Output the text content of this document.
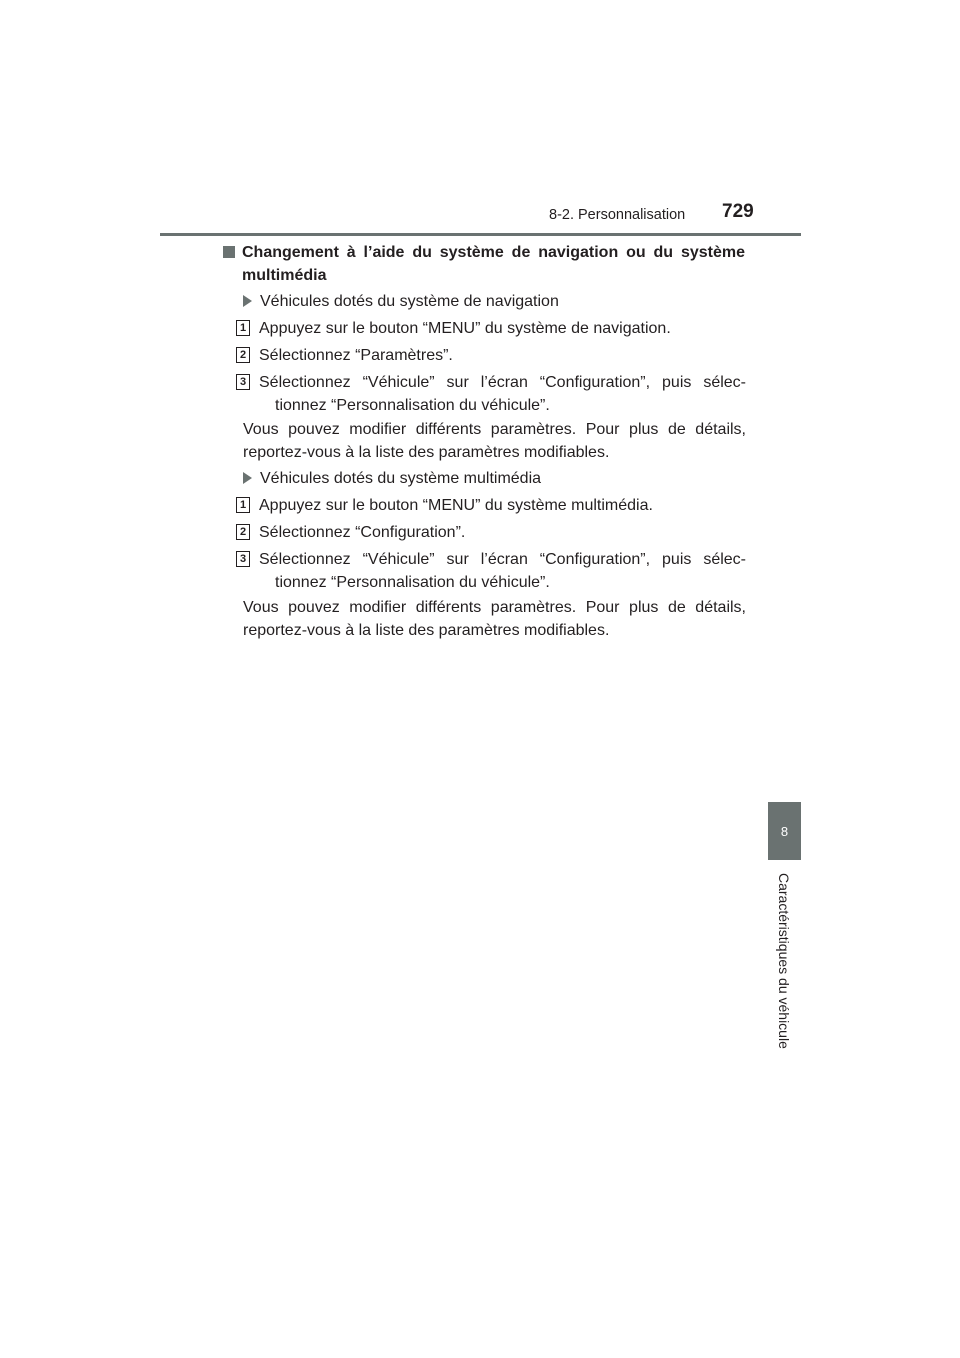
8-2. Personnalisation 729
8
Caractéristiques du véhicule
Changement à l’aide du système de navigation ou du système multimédia
Véhicules dotés du système de navigation
1 Appuyez sur le bouton “MENU” du système de navigation.
2 Sélectionnez “Paramètres”.
3 Sélectionnez “Véhicule” sur l’écran “Configuration”, puis sélec-tionnez “Personnalisation du véhicule”.
Vous pouvez modifier différents paramètres. Pour plus de détails, reportez-vous à la liste des paramètres modifiables.
Véhicules dotés du système multimédia
1 Appuyez sur le bouton “MENU” du système multimédia.
2 Sélectionnez “Configuration”.
3 Sélectionnez “Véhicule” sur l’écran “Configuration”, puis sélec-tionnez “Personnalisation du véhicule”.
Vous pouvez modifier différents paramètres. Pour plus de détails, reportez-vous à la liste des paramètres modifiables.
